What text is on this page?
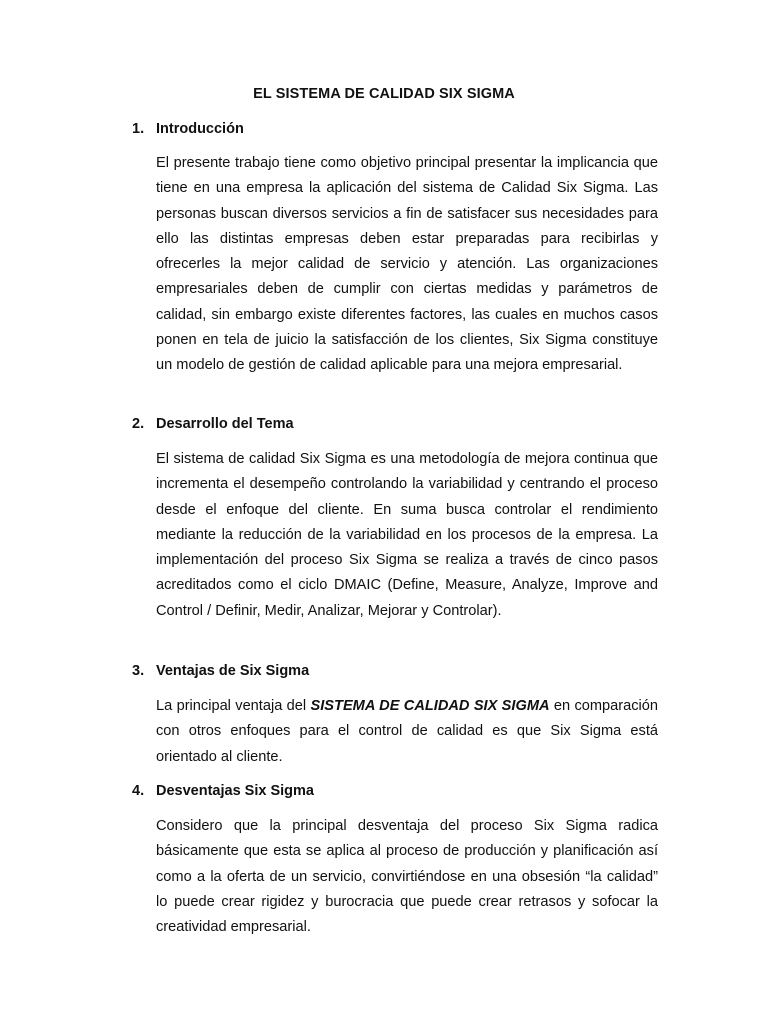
EL SISTEMA DE CALIDAD SIX SIGMA
1. Introducción

El presente trabajo tiene como objetivo principal presentar la implicancia que tiene en una empresa la aplicación del sistema de Calidad Six Sigma. Las personas buscan diversos servicios a fin de satisfacer sus necesidades para ello las distintas empresas deben estar preparadas para recibirlas y ofrecerles la mejor calidad de servicio y atención. Las organizaciones empresariales deben de cumplir con ciertas medidas y parámetros de calidad, sin embargo existe diferentes factores, las cuales en muchos casos ponen en tela de juicio la satisfacción de los clientes, Six Sigma constituye un modelo de gestión de calidad aplicable para una mejora empresarial.

2. Desarrollo del Tema

El sistema de calidad Six Sigma es una metodología de mejora continua que incrementa el desempeño controlando la variabilidad y centrando el proceso desde el enfoque del cliente. En suma busca controlar el rendimiento mediante la reducción de la variabilidad en los procesos de la empresa. La implementación del proceso Six Sigma se realiza a través de cinco pasos acreditados como el ciclo DMAIC (Define, Measure, Analyze, Improve and Control / Definir, Medir, Analizar, Mejorar y Controlar).

3. Ventajas de Six Sigma

La principal ventaja del SISTEMA DE CALIDAD SIX SIGMA en comparación con otros enfoques para el control de calidad es que Six Sigma está orientado al cliente.

4. Desventajas Six Sigma

Considero que la principal desventaja del proceso Six Sigma radica básicamente que esta se aplica al proceso de producción y planificación así como a la oferta de un servicio, convirtiéndose en una obsesión “la calidad” lo puede crear rigidez y burocracia que puede crear retrasos y sofocar la creatividad empresarial.
